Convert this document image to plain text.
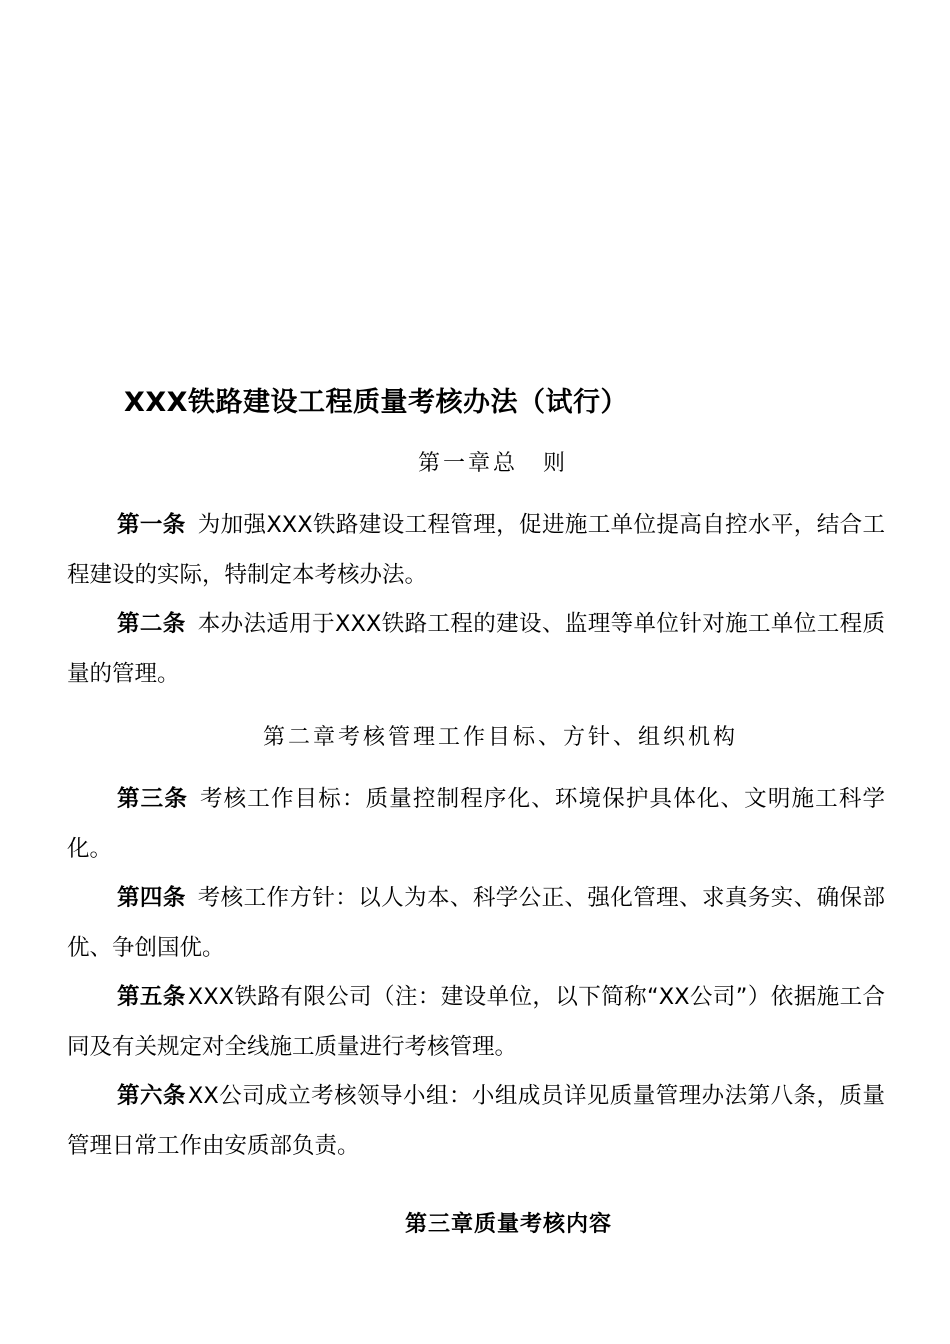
XXX铁路建设工程质量考核办法（试行）
第一章总　则
第一条 为加强XXX铁路建设工程管理，促进施工单位提高自控水平，结合工程建设的实际，特制定本考核办法。
第二条 本办法适用于XXX铁路工程的建设、监理等单位针对施工单位工程质量的管理。
第二章考核管理工作目标、方针、组织机构
第三条 考核工作目标：质量控制程序化、环境保护具体化、文明施工科学化。
第四条 考核工作方针：以人为本、科学公正、强化管理、求真务实、确保部优、争创国优。
第五条XXX铁路有限公司（注：建设单位，以下简称“XX公司”）依据施工合同及有关规定对全线施工质量进行考核管理。
第六条XX公司成立考核领导小组：小组成员详见质量管理办法第八条，质量管理日常工作由安质部负责。
第三章质量考核内容
